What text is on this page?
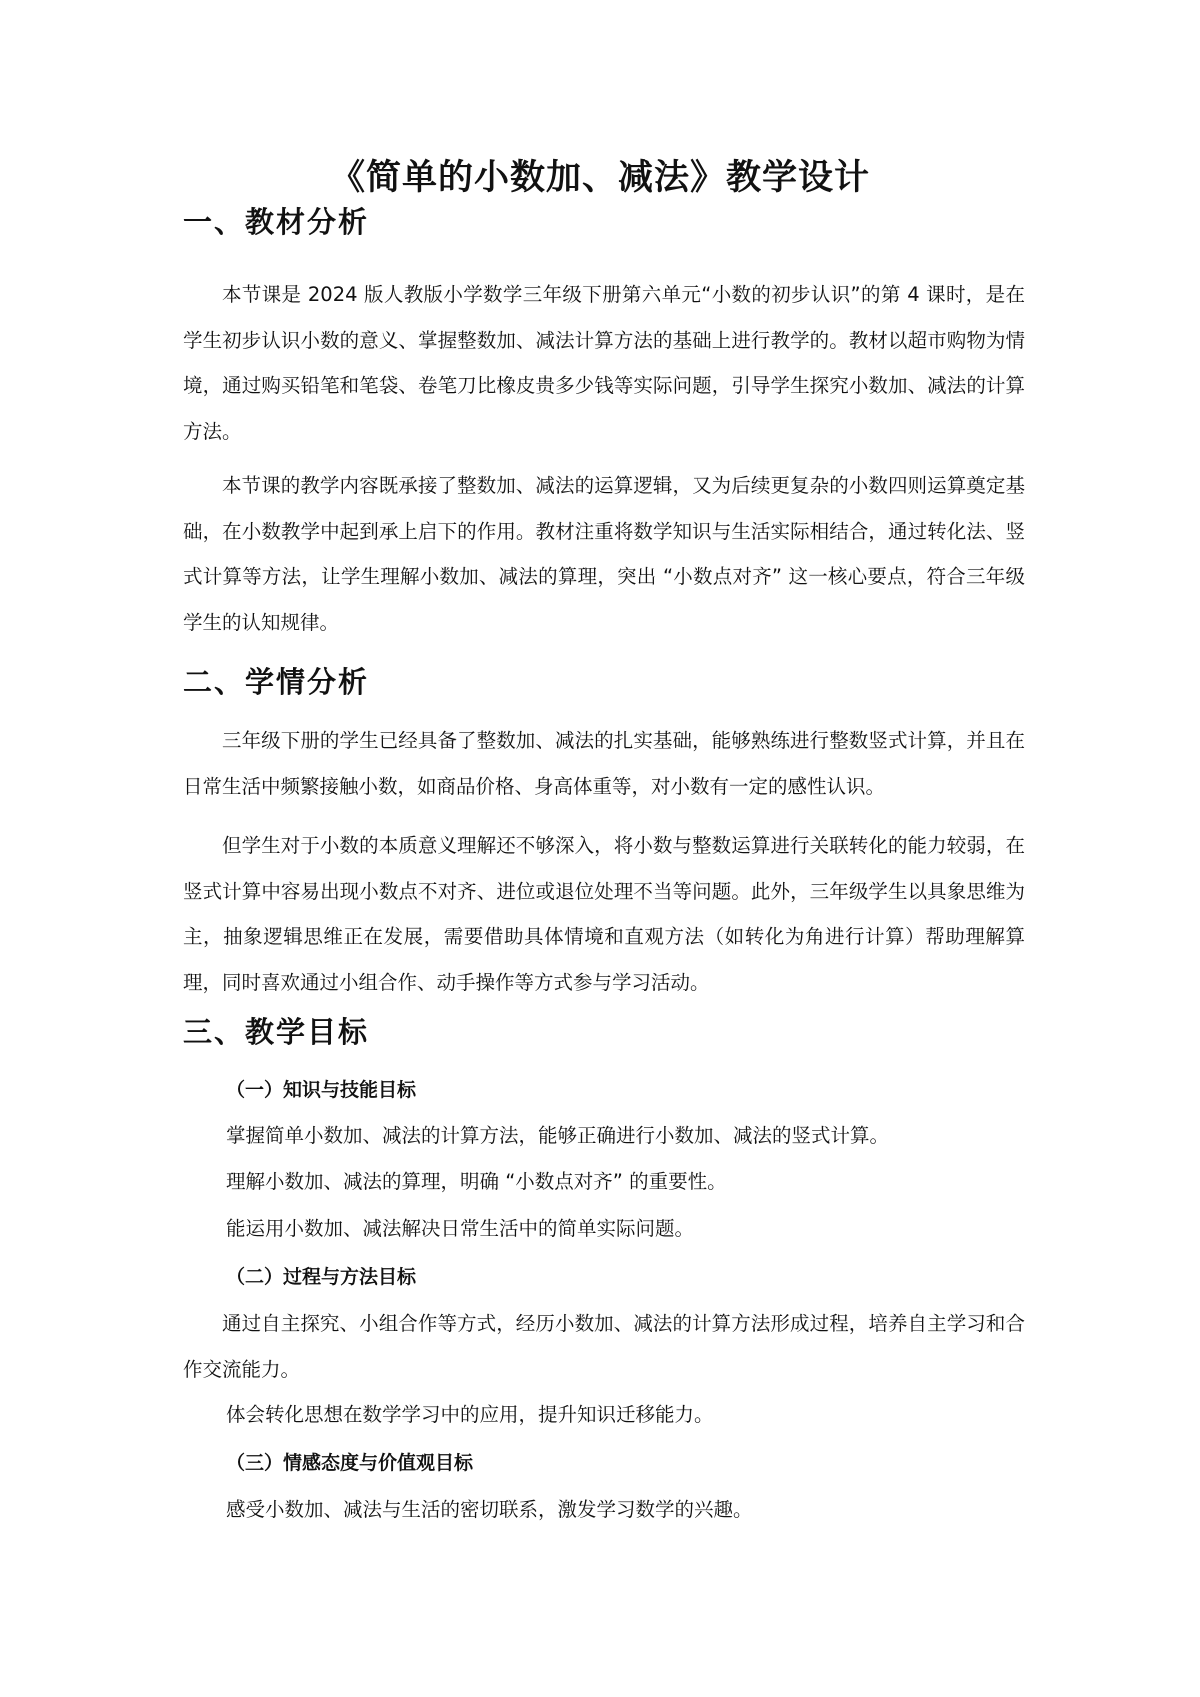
《简单的小数加、减法》教学设计
一、教材分析

本节课是 2024 版人教版小学数学三年级下册第六单元“小数的初步认识”的第 4 课时，是在学生初步认识小数的意义、掌握整数加、减法计算方法的基础上进行教学的。教材以超市购物为情境，通过购买铅笔和笔袋、卷笔刀比橡皮贵多少钱等实际问题，引导学生探究小数加、减法的计算方法。

本节课的教学内容既承接了整数加、减法的运算逻辑，又为后续更复杂的小数四则运算奠定基础，在小数教学中起到承上启下的作用。教材注重将数学知识与生活实际相结合，通过转化法、竖式计算等方法，让学生理解小数加、减法的算理，突出 “小数点对齐” 这一核心要点，符合三年级学生的认知规律。

二、学情分析

三年级下册的学生已经具备了整数加、减法的扎实基础，能够熟练进行整数竖式计算，并且在日常生活中频繁接触小数，如商品价格、身高体重等，对小数有一定的感性认识。

但学生对于小数的本质意义理解还不够深入，将小数与整数运算进行关联转化的能力较弱，在竖式计算中容易出现小数点不对齐、进位或退位处理不当等问题。此外，三年级学生以具象思维为主，抽象逻辑思维正在发展，需要借助具体情境和直观方法（如转化为角进行计算）帮助理解算理，同时喜欢通过小组合作、动手操作等方式参与学习活动。

三、教学目标
（一）知识与技能目标
掌握简单小数加、减法的计算方法，能够正确进行小数加、减法的竖式计算。
理解小数加、减法的算理，明确 “小数点对齐” 的重要性。
能运用小数加、减法解决日常生活中的简单实际问题。
（二）过程与方法目标

通过自主探究、小组合作等方式，经历小数加、减法的计算方法形成过程，培养自主学习和合作交流能力。

体会转化思想在数学学习中的应用，提升知识迁移能力。
（三）情感态度与价值观目标
感受小数加、减法与生活的密切联系，激发学习数学的兴趣。
